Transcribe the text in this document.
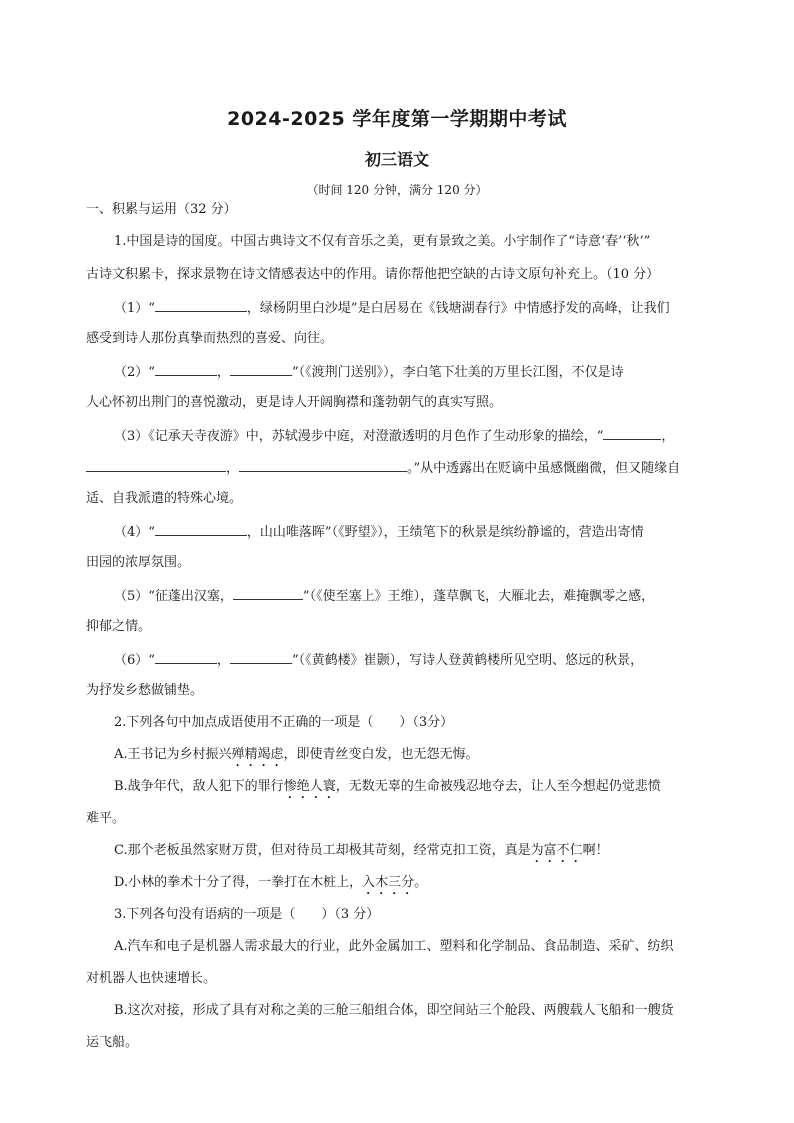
2024-2025 学年度第一学期期中考试
初三语文
（时间 120 分钟，满分 120 分）
一、积累与运用（32 分）
1.中国是诗的国度。中国古典诗文不仅有音乐之美，更有景致之美。小宇制作了“诗意‘春’‘秋’”
古诗文积累卡，探求景物在诗文情感表达中的作用。请你帮他把空缺的古诗文原句补充上。（10 分）
（1）“	，绿杨阴里白沙堤”是白居易在《钱塘湖春行》中情感抒发的高峰，让我们
感受到诗人那份真挚而热烈的喜爱、向往。
（2）“	，	”（《渡荆门送别》），李白笔下壮美的万里长江图，不仅是诗
人心怀初出荆门的喜悦激动，更是诗人开阔胸襟和蓬勃朝气的真实写照。
（3）《记承天寺夜游》中，苏轼漫步中庭，对澄澈透明的月色作了生动形象的描绘，“	，
，	。”从中透露出在贬谪中虽感慨幽微，但又随缘自
适、自我派遣的特殊心境。
（4）“	，山山唯落晖”（《野望》），王绩笔下的秋景是缤纷静谧的，营造出寄情
田园的浓厚氛围。
（5）“征蓬出汉塞，	”（《使至塞上》王维），蓬草飘飞，大雁北去，难掩飘零之感，
抑郁之情。
（6）“	，	”（《黄鹤楼》崔颢），写诗人登黄鹤楼所见空明、悠远的秋景，
为抒发乡愁做铺垫。
2.下列各句中加点成语使用不正确的一项是（　　）（3分）
A.王书记为乡村振兴殚精竭虑，即使青丝变白发，也无怨无悔。
B.战争年代，敌人犯下的罪行惨绝人寰，无数无辜的生命被残忍地夺去，让人至今想起仍觉悲愤
难平。
C.那个老板虽然家财万贯，但对待员工却极其苛刻，经常克扣工资，真是为富不仁啊！
D.小林的拳术十分了得，一拳打在木桩上，入木三分。
3.下列各句没有语病的一项是（　　）（3 分）
A.汽车和电子是机器人需求最大的行业，此外金属加工、塑料和化学制品、食品制造、采矿、纺织
对机器人也快速增长。
B.这次对接，形成了具有对称之美的三舱三船组合体，即空间站三个舱段、两艘载人飞船和一艘货
运飞船。
